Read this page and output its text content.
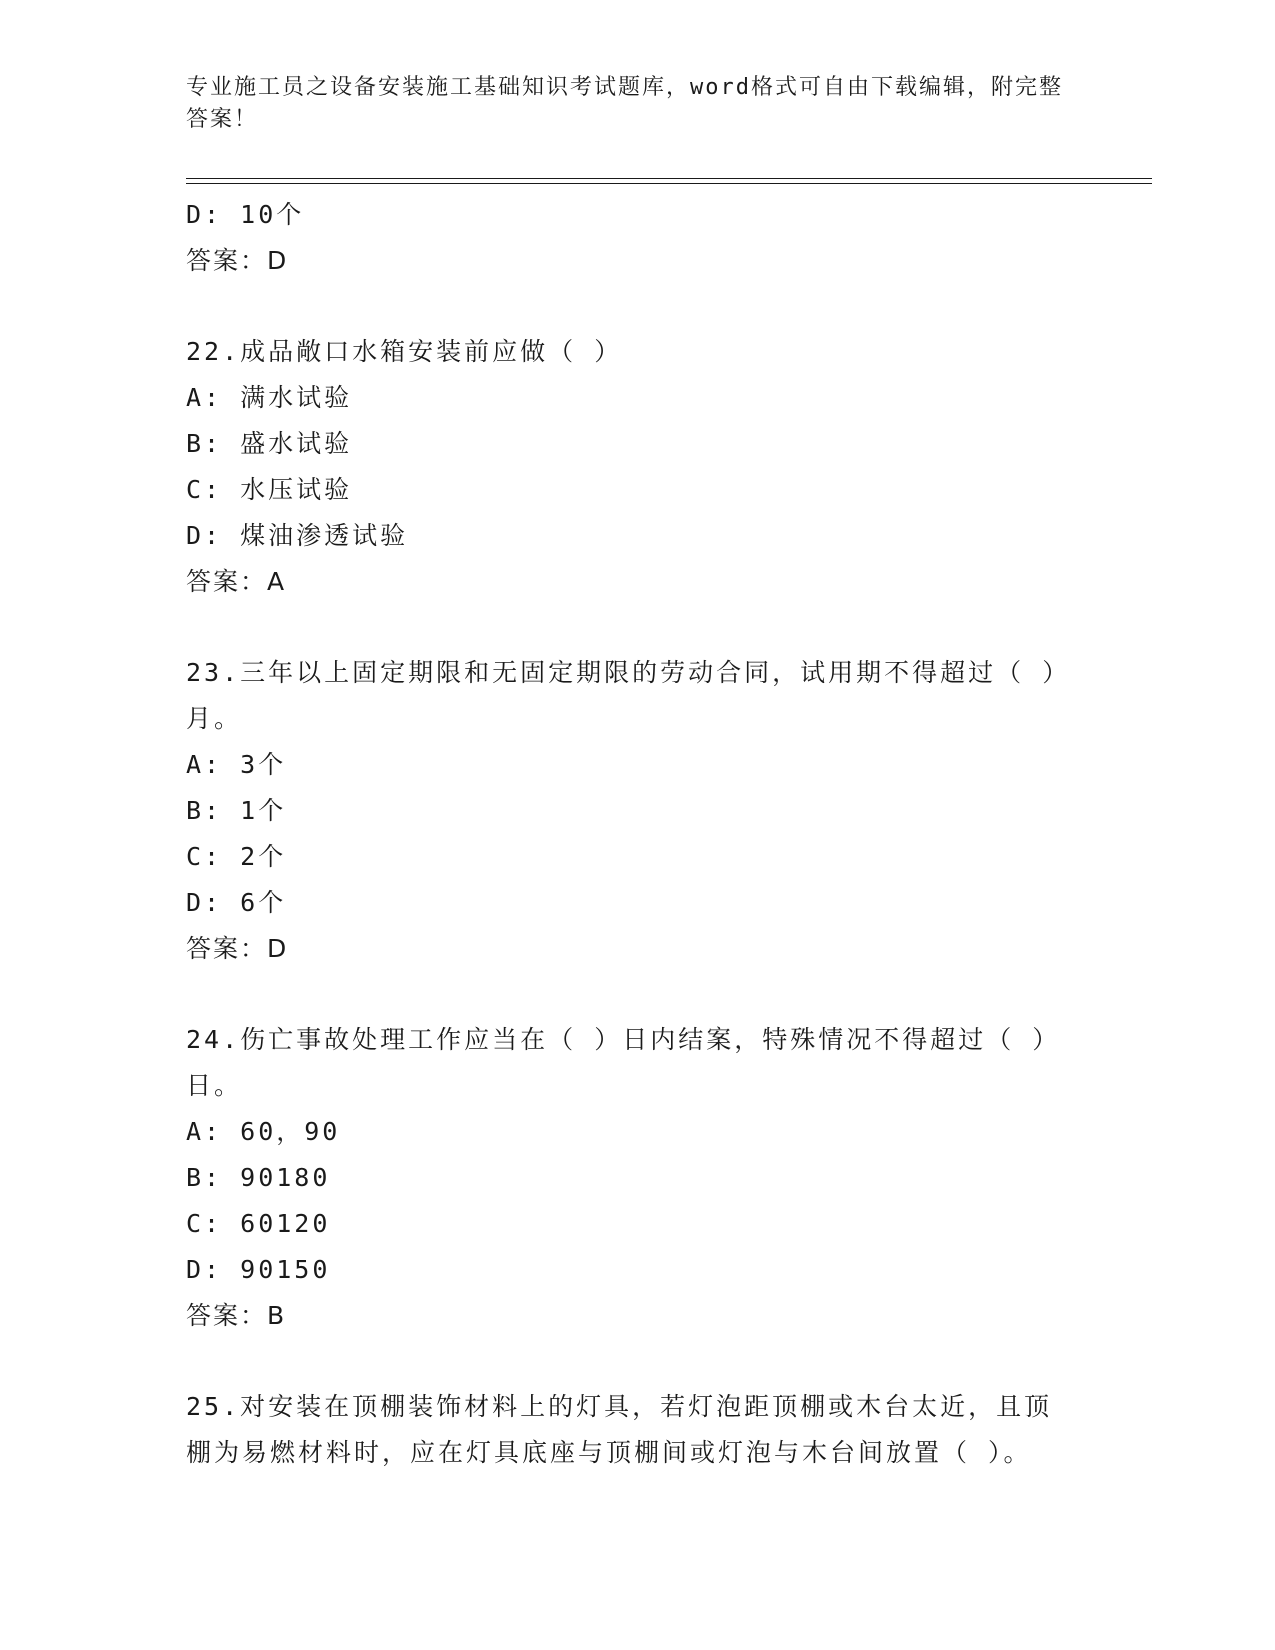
专业施工员之设备安装施工基础知识考试题库，word格式可自由下载编辑，附完整答案！
D: 10个
答案：D
22.成品敞口水箱安装前应做（ ）
A: 满水试验
B: 盛水试验
C: 水压试验
D: 煤油渗透试验
答案：A
23.三年以上固定期限和无固定期限的劳动合同，试用期不得超过（ ）月。
A: 3个
B: 1个
C: 2个
D: 6个
答案：D
24.伤亡事故处理工作应当在（ ）日内结案，特殊情况不得超过（ ）日。
A: 60，90
B: 90180
C: 60120
D: 90150
答案：B
25.对安装在顶棚装饰材料上的灯具，若灯泡距顶棚或木台太近，且顶棚为易燃材料时，应在灯具底座与顶棚间或灯泡与木台间放置（ ）。
